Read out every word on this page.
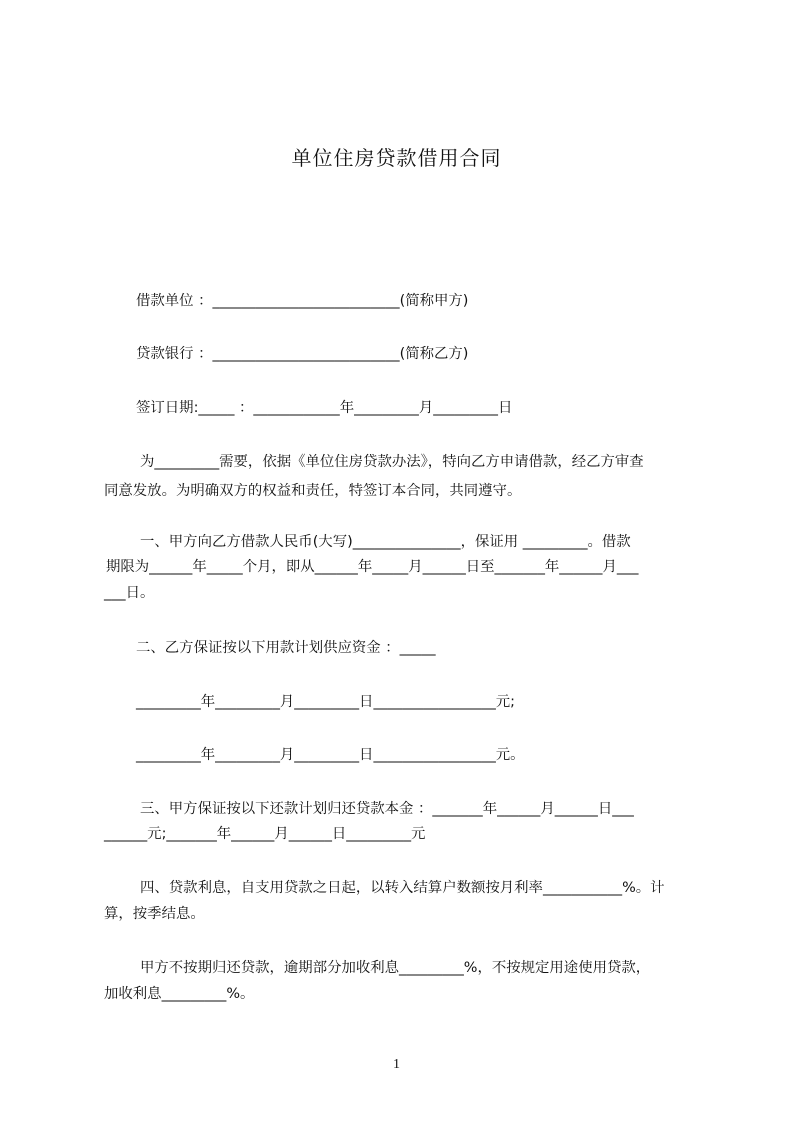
单位住房贷款借用合同
借款单位 ：__________________________(简称甲方)
贷款银行 ：__________________________(简称乙方)
签订日期:_____ ：____________年_________月_________日
为_________需要，依据《单位住房贷款办法》，特向乙方申请借款，经乙方审查
同意发放。为明确双方的权益和责任，特签订本合同，共同遵守。
一、甲方向乙方借款人民币(大写)_______________，保证用 _________。借款
期限为______年_____个月，即从______年_____月______日至_______年______月___
___日。
二、乙方保证按以下用款计划供应资金 ：_____
_________年_________月_________日_________________元;
_________年_________月_________日_________________元。
三、甲方保证按以下还款计划归还贷款本金 ：_______年______月______日___
______元;_______年______月______日_________元
四、贷款利息，自支用贷款之日起，以转入结算户数额按月利率___________%。计
算，按季结息。
甲方不按期归还贷款，逾期部分加收利息_________%，不按规定用途使用贷款，
加收利息_________%。
1
